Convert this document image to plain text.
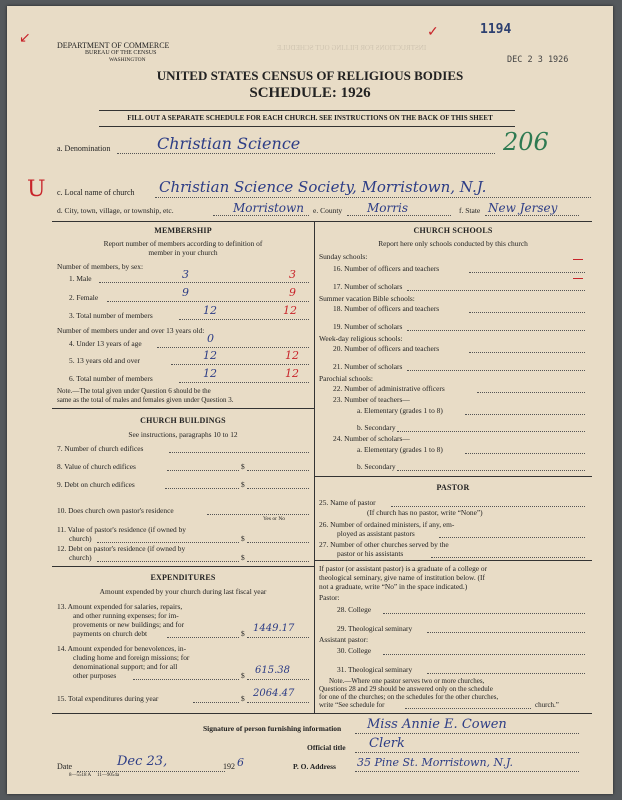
INSTRUCTIONS FOR FILLING OUT SCHEDULE
1194
DEC 2 3 1926
↙	✓
DEPARTMENT OF COMMERCE
BUREAU OF THE CENSUS
WASHINGTON
UNITED STATES CENSUS OF RELIGIOUS BODIES
SCHEDULE: 1926
FILL OUT A SEPARATE SCHEDULE FOR EACH CHURCH. SEE INSTRUCTIONS ON THE BACK OF THIS SHEET
a. Denomination	Christian Science	206
U c. Local name of church Christian Science Society, Morristown, N.J.
d. City, town, village, or township, etc.	Morristown e. County Morris	f. State New Jersey
MEMBERSHIP
Report number of members according to definition of
member in your church
Number of members, by sex:
1. Male	3	3
2. Female	9	9
3. Total number of members	12	12
Number of members under and over 13 years old:
4. Under 13 years of age	0
5. 13 years old and over	12	12
6. Total number of members	12	12
Note.—The total given under Question 6 should be the
same as the total of males and females given under Question 3.
CHURCH BUILDINGS
See instructions, paragraphs 10 to 12
7. Number of church edifices
8. Value of church edifices	$
9. Debt on church edifices	$
10. Does church own pastor's residence
Yes or No
11. Value of pastor's residence (if owned by
church)	$
12. Debt on pastor's residence (if owned by
church)	$
EXPENDITURES
Amount expended by your church during last fiscal year
13. Amount expended for salaries, repairs,
and other running expenses; for im-
provements or new buildings; and for
payments on church debt	$ 1449.17
14. Amount expended for benevolences, in-
cluding home and foreign missions; for
denominational support; and for all
other purposes	$ 615.38
15. Total expenditures during year	$ 2064.47
CHURCH SCHOOLS
Report here only schools conducted by this church
Sunday schools:
16. Number of officers and teachers
17. Number of scholars
Summer vacation Bible schools:
18. Number of officers and teachers
19. Number of scholars
Week-day religious schools:
20. Number of officers and teachers
21. Number of scholars
Parochial schools:
22. Number of administrative officers
23. Number of teachers—
a. Elementary (grades 1 to 8)
b. Secondary
24. Number of scholars—
a. Elementary (grades 1 to 8)
b. Secondary
PASTOR
25. Name of pastor
(If church has no pastor, write “None”)
26. Number of ordained ministers, if any, em-
ployed as assistant pastors
27. Number of other churches served by the
pastor or his assistants
If pastor (or assistant pastor) is a graduate of a college or
theological seminary, give name of institution below. (If
not a graduate, write “No” in the space indicated.)
Pastor:
28. College
29. Theological seminary
Assistant pastor:
30. College
31. Theological seminary
Note.—Where one pastor serves two or more churches,
Questions 28 and 29 should be answered only on the schedule
for one of the churches; on the schedules for the other churches,
write “See schedule for	church.”
Signature of person furnishing information Miss Annie E. Cowen
Official title Clerk
Date	Dec 23,	192 6	P. O. Address 35 Pine St. Morristown, N.J.
8—5518 A     11—9054a
